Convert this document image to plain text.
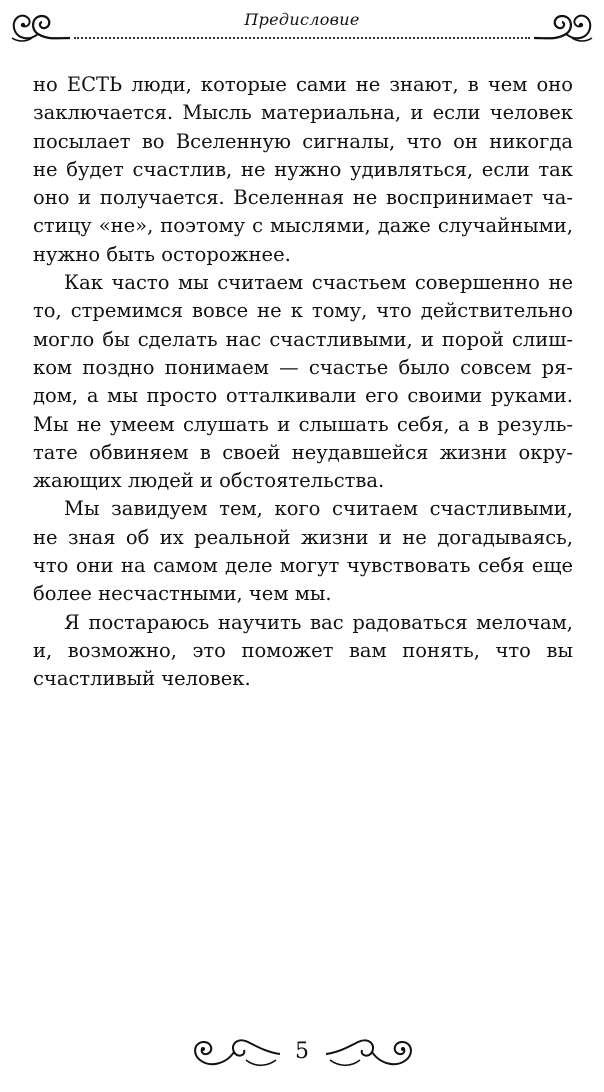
Предисловие

но ЕСТЬ люди, которые сами не знают, в чем оно заключается. Мысль материальна, и если человек посылает во Вселенную сигналы, что он никогда не будет счастлив, не нужно удивляться, если так оно и получается. Вселенная не воспринимает частицу «не», поэтому с мыслями, даже случайными, нужно быть осторожнее.

Как часто мы считаем счастьем совершенно не то, стремимся вовсе не к тому, что действительно могло бы сделать нас счастливыми, и порой слишком поздно понимаем — счастье было совсем рядом, а мы просто отталкивали его своими руками. Мы не умеем слушать и слышать себя, а в результате обвиняем в своей неудавшейся жизни окружающих людей и обстоятельства.

Мы завидуем тем, кого считаем счастливыми, не зная об их реальной жизни и не догадываясь, что они на самом деле могут чувствовать себя еще более несчастными, чем мы.

Я постараюсь научить вас радоваться мелочам, и, возможно, это поможет вам понять, что вы счастливый человек.

5
